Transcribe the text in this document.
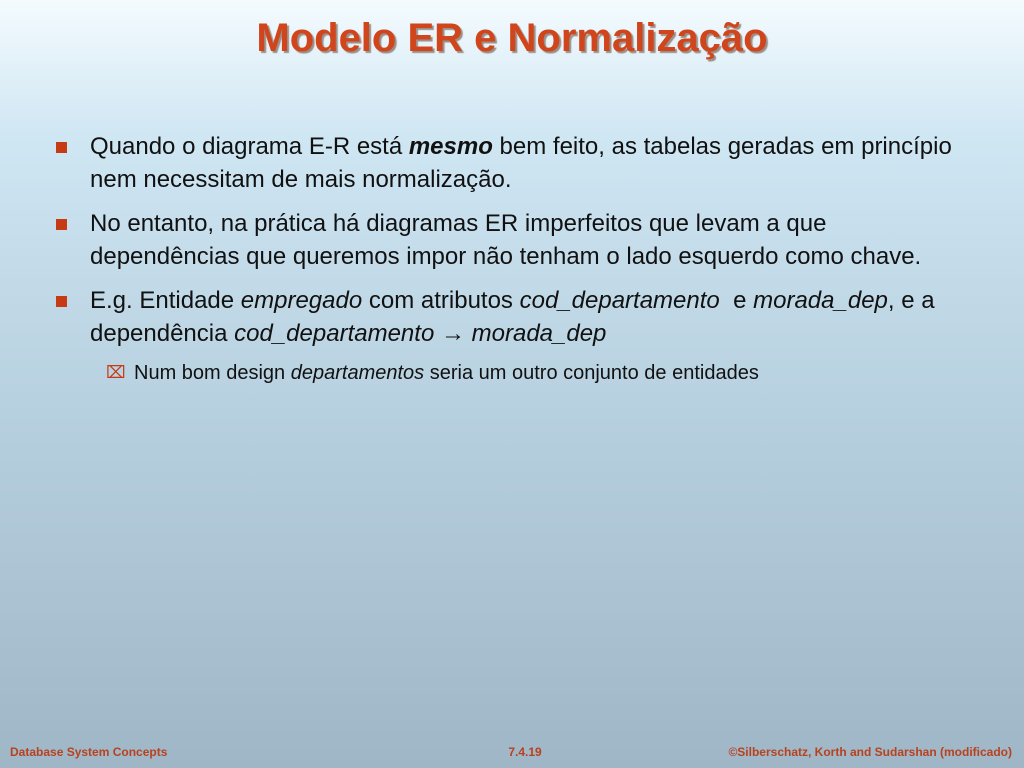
Modelo ER e Normalização
Quando o diagrama E-R está mesmo bem feito, as tabelas geradas em princípio nem necessitam de mais normalização.
No entanto, na prática há diagramas ER imperfeitos que levam a que dependências que queremos impor não tenham o lado esquerdo como chave.
E.g. Entidade empregado com atributos cod_departamento  e morada_dep, e a dependência cod_departamento → morada_dep
⌧ Num bom design departamentos seria um outro conjunto de entidades
Database System Concepts	7.4.19	©Silberschatz, Korth and Sudarshan (modificado)
